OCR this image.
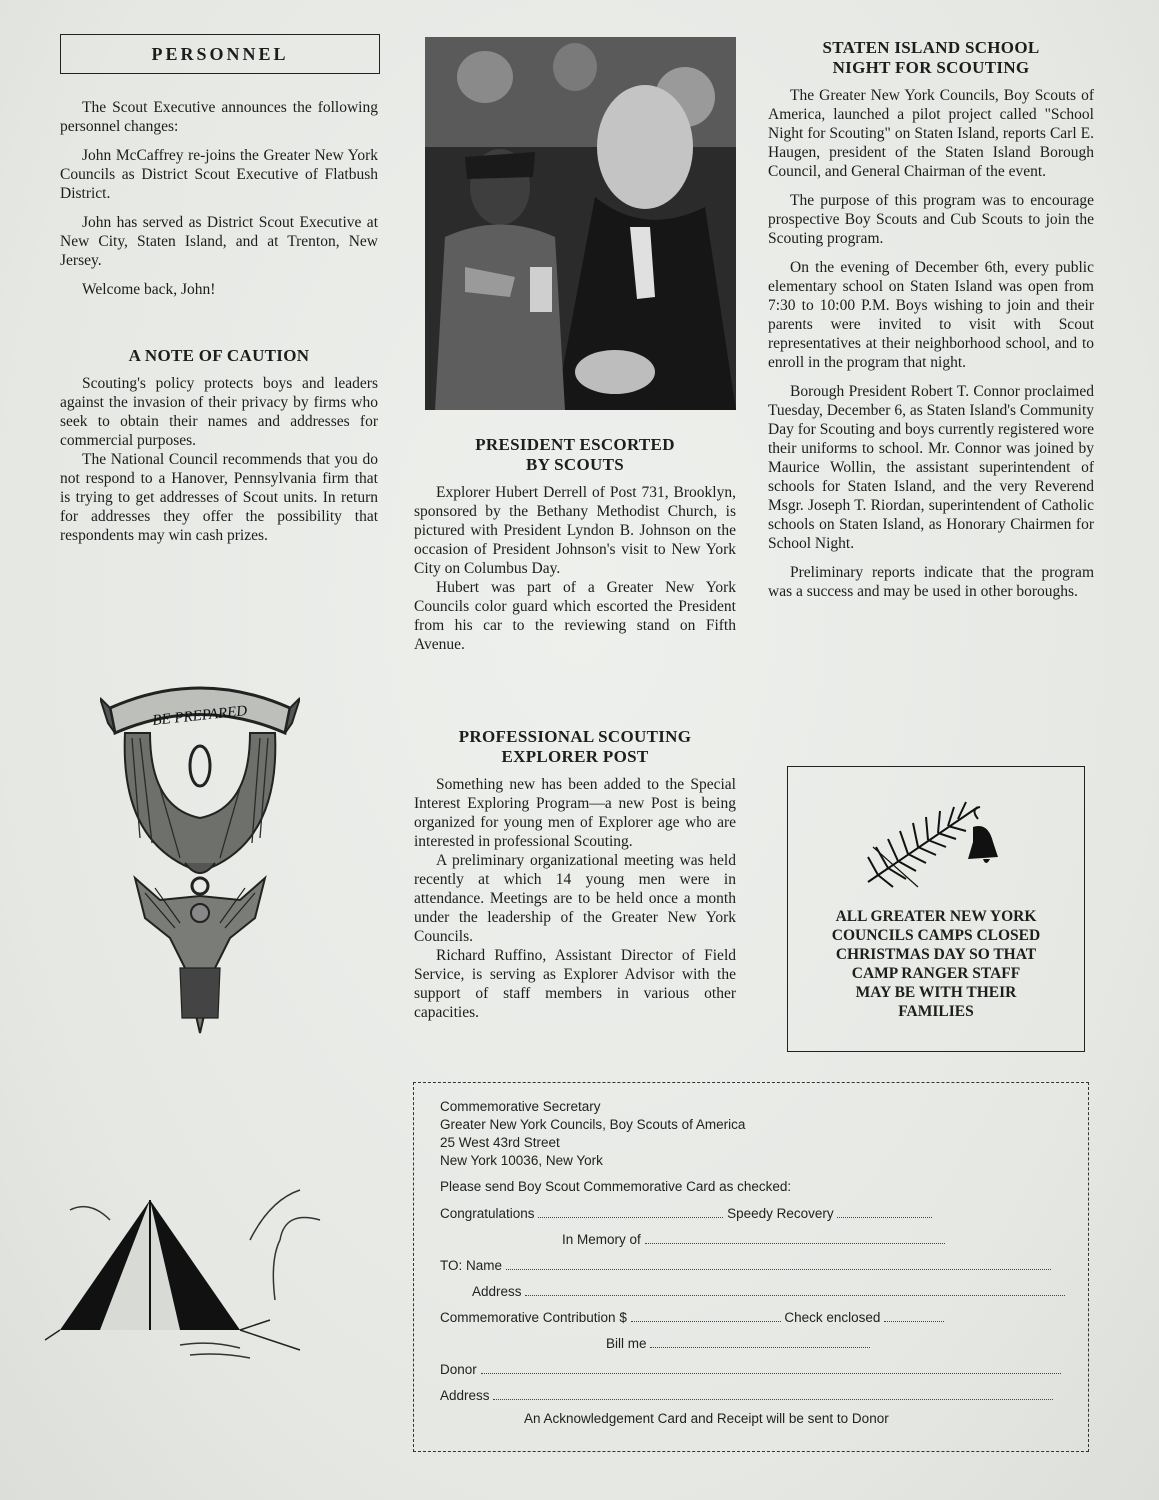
PERSONNEL

The Scout Executive announces the following personnel changes:

John McCaffrey re-joins the Greater New York Councils as District Scout Executive of Flatbush District.

John has served as District Scout Executive at New City, Staten Island, and at Trenton, New Jersey.

Welcome back, John!

A NOTE OF CAUTION

Scouting's policy protects boys and leaders against the invasion of their privacy by firms who seek to obtain their names and addresses for commercial purposes.

The National Council recommends that you do not respond to a Hanover, Pennsylvania firm that is trying to get addresses of Scout units. In return for addresses they offer the possibility that respondents may win cash prizes.

BE PREPARED
PRESIDENT ESCORTED
BY SCOUTS

Explorer Hubert Derrell of Post 731, Brooklyn, sponsored by the Bethany Methodist Church, is pictured with President Lyndon B. Johnson on the occasion of President Johnson's visit to New York City on Columbus Day.

Hubert was part of a Greater New York Councils color guard which escorted the President from his car to the reviewing stand on Fifth Avenue.

PROFESSIONAL SCOUTING
EXPLORER POST

Something new has been added to the Special Interest Exploring Program—a new Post is being organized for young men of Explorer age who are interested in professional Scouting.

A preliminary organizational meeting was held recently at which 14 young men were in attendance. Meetings are to be held once a month under the leadership of the Greater New York Councils.

Richard Ruffino, Assistant Director of Field Service, is serving as Explorer Advisor with the support of staff members in various other capacities.

STATEN ISLAND SCHOOL
NIGHT FOR SCOUTING

The Greater New York Councils, Boy Scouts of America, launched a pilot project called "School Night for Scouting" on Staten Island, reports Carl E. Haugen, president of the Staten Island Borough Council, and General Chairman of the event.

The purpose of this program was to encourage prospective Boy Scouts and Cub Scouts to join the Scouting program.

On the evening of December 6th, every public elementary school on Staten Island was open from 7:30 to 10:00 P.M. Boys wishing to join and their parents were invited to visit with Scout representatives at their neighborhood school, and to enroll in the program that night.

Borough President Robert T. Connor proclaimed Tuesday, December 6, as Staten Island's Community Day for Scouting and boys currently registered wore their uniforms to school. Mr. Connor was joined by Maurice Wollin, the assistant superintendent of schools for Staten Island, and the very Reverend Msgr. Joseph T. Riordan, superintendent of Catholic schools on Staten Island, as Honorary Chairmen for School Night.

Preliminary reports indicate that the program was a success and may be used in other boroughs.

ALL GREATER NEW YORK
COUNCILS CAMPS CLOSED
CHRISTMAS DAY SO THAT
CAMP RANGER STAFF
MAY BE WITH THEIR
FAMILIES
Commemorative Secretary
Greater New York Councils, Boy Scouts of America
25 West 43rd Street
New York 10036, New York
Please send Boy Scout Commemorative Card as checked:
Congratulations	Speedy Recovery
In Memory of
TO: Name
Address
Commemorative Contribution $	Check enclosed
Bill me
Donor
Address
An Acknowledgement Card and Receipt will be sent to Donor
